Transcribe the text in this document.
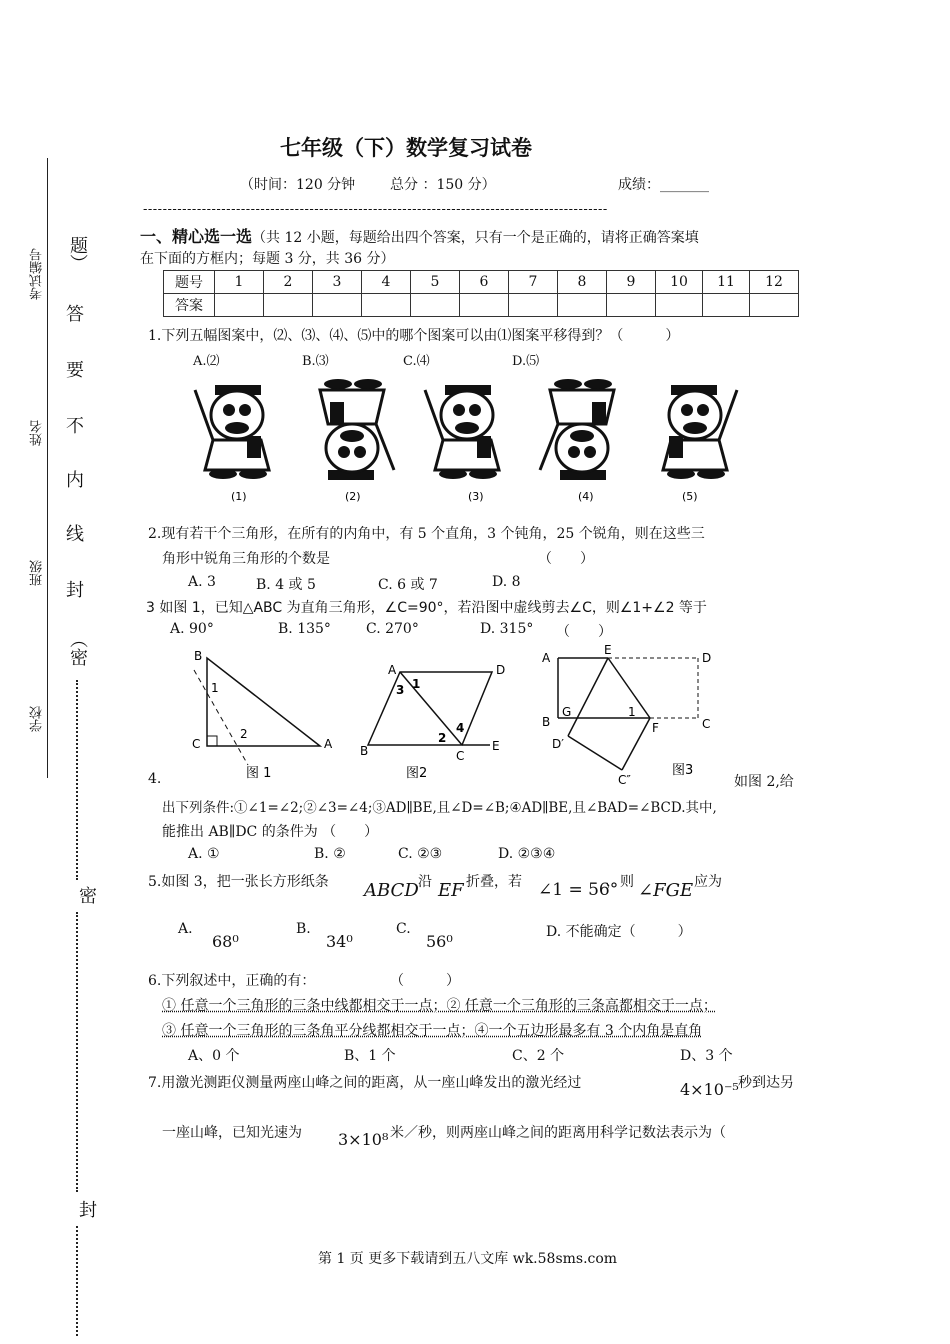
考试编号
姓名
班级
学校
题）
答
要
不
内
线
封
（密
密
封
七年级（下）数学复习试卷
（时间：120 分钟 总分 ：150 分）	成绩：_______
-----------------------------------------------------------------------------------------------
一、精心选一选（共 12 小题，每题给出四个答案，只有一个是正确的，请将正确答案填
在下面的方框内；每题 3 分，共 36 分）
题号	1	2	3	4	5	6	7	8	9	10	11	12
答案												
1.下列五幅图案中，⑵、⑶、⑷、⑸中的哪个图案可以由⑴图案平移得到？（　　　）
A.⑵	B.⑶	C.⑷	D.⑸
(1)	(2)	(3)	(4)	(5)
2.现有若干个三角形，在所有的内角中，有 5 个直角，3 个钝角，25 个锐角，则在这些三
角形中锐角三角形的个数是	（　　）
A. 3	B. 4 或 5	C. 6 或 7	D. 8
3 如图 1，已知△ABC 为直角三角形，∠C=90°，若沿图中虚线剪去∠C，则∠1+∠2 等于
A. 90°	B. 135°	C. 270°	D. 315° （　　）
B
C	A
1
2
图 1
A	D
B	C
E
1
2
3
4
图2
A
E
D
B
G	1
C
F
D′
C″
图3
4.	如图 2,给
出下列条件:①∠1=∠2;②∠3=∠4;③AD∥BE,且∠D=∠B;④AD∥BE,且∠BAD=∠BCD.其中,
能推出 AB∥DC 的条件为 （　　）
A. ①	B. ②	C. ②③	D. ②③④
5.如图 3，把一张长方形纸条 ABCD 沿 EF 折叠，若 ∠1 = 56°
，则 ∠FGE 应为
A.
68⁰
B.
34⁰
C.
56⁰	D. 不能确定（　　　）
6.下列叙述中，正确的有：	（　　　）
① 任意一个三角形的三条中线都相交于一点；② 任意一个三角形的三条高都相交于一点；
③ 任意一个三角形的三条角平分线都相交于一点；④一个五边形最多有 3 个内角是直角
A、0 个	B、1 个	C、2 个	D、3 个
7.用激光测距仪测量两座山峰之间的距离，从一座山峰发出的激光经过	4×10⁻⁵ 秒到达另
一座山峰，已知光速为 3×10⁸ 米／秒，则两座山峰之间的距离用科学记数法表示为（
第 1 页 更多下载请到五八文库 wk.58sms.com
